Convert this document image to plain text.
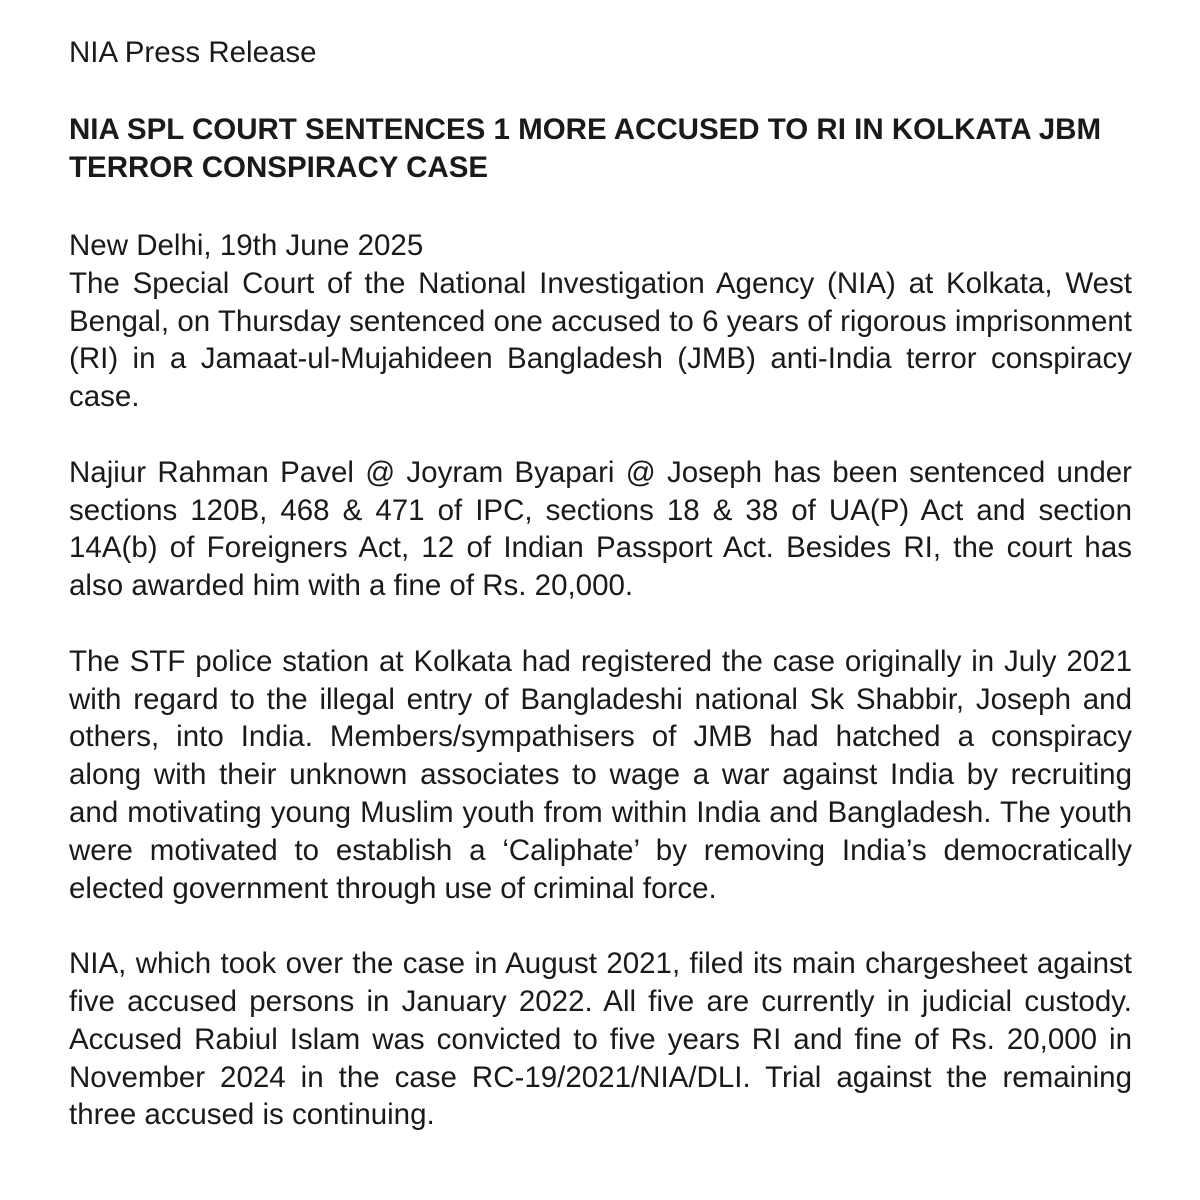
NIA Press Release

NIA SPL COURT SENTENCES 1 MORE ACCUSED TO RI IN KOLKATA JBM TERROR CONSPIRACY CASE

New Delhi, 19th June 2025

The Special Court of the National Investigation Agency (NIA) at Kolkata, West Bengal, on Thursday sentenced one accused to 6 years of rigorous imprisonment (RI) in a Jamaat-ul-Mujahideen Bangladesh (JMB) anti-India terror conspiracy case.

Najiur Rahman Pavel @ Joyram Byapari @ Joseph has been sentenced under sections 120B, 468 & 471 of IPC, sections 18 & 38 of UA(P) Act and section 14A(b) of Foreigners Act, 12 of Indian Passport Act. Besides RI, the court has also awarded him with a fine of Rs. 20,000.

The STF police station at Kolkata had registered the case originally in July 2021 with regard to the illegal entry of Bangladeshi national Sk Shabbir, Joseph and others, into India. Members/sympathisers of JMB had hatched a conspiracy along with their unknown associates to wage a war against India by recruiting and motivating young Muslim youth from within India and Bangladesh. The youth were motivated to establish a ‘Caliphate’ by removing India’s democratically elected government through use of criminal force.

NIA, which took over the case in August 2021, filed its main chargesheet against five accused persons in January 2022. All five are currently in judicial custody. Accused Rabiul Islam was convicted to five years RI and fine of Rs. 20,000 in November 2024 in the case RC-19/2021/NIA/DLI. Trial against the remaining three accused is continuing.
